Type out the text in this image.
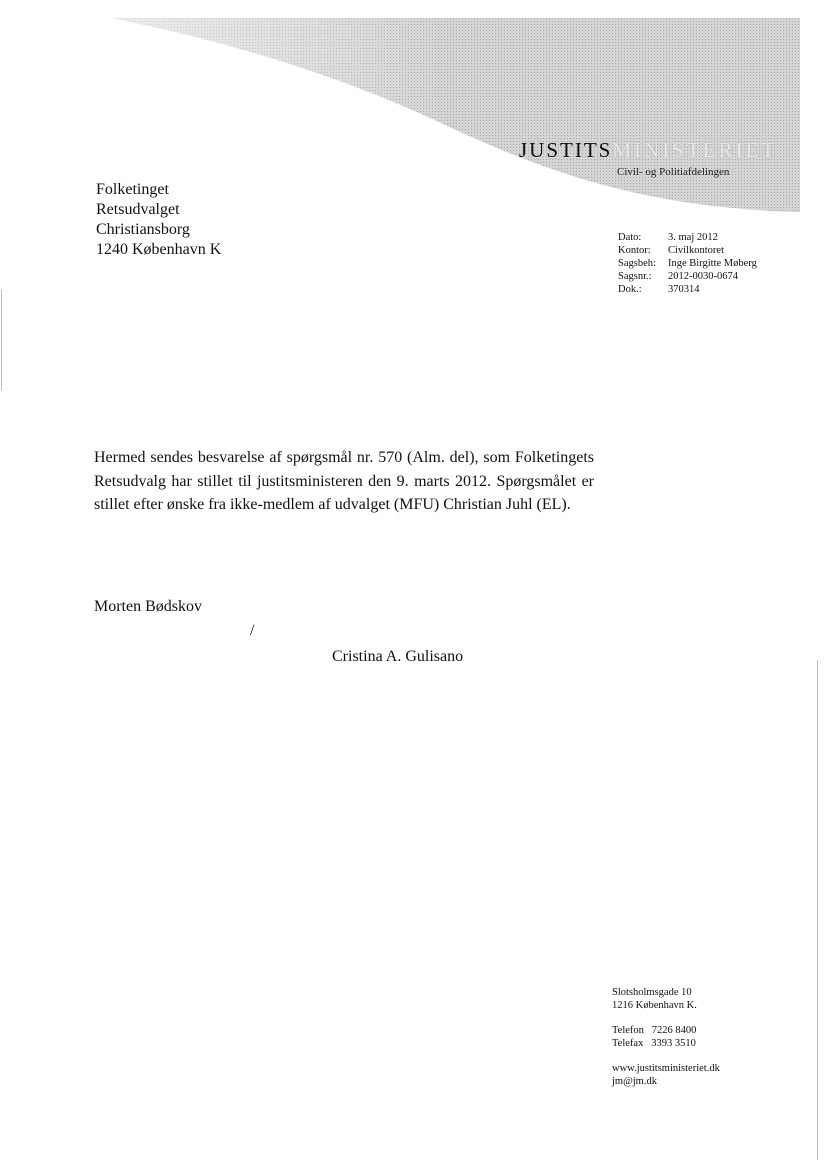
JUSTITSMINISTERIET
Civil- og Politiafdelingen
Folketinget
Retsudvalget
Christiansborg
1240 København K
Dato:	3. maj 2012
Kontor:	Civilkontoret
Sagsbeh:	Inge Birgitte Møberg
Sagsnr.:	2012-0030-0674
Dok.:	370314

Hermed sendes besvarelse af spørgsmål nr. 570 (Alm. del), som Folketingets Retsudvalg har stillet til justitsministeren den 9. marts 2012. Spørgsmålet er stillet efter ønske fra ikke-medlem af udvalget (MFU) Christian Juhl (EL).

Morten Bødskov
/
Cristina A. Gulisano
Slotsholmsgade 10
1216 København K.
Telefon 7226 8400
Telefax 3393 3510
www.justitsministeriet.dk
jm@jm.dk
